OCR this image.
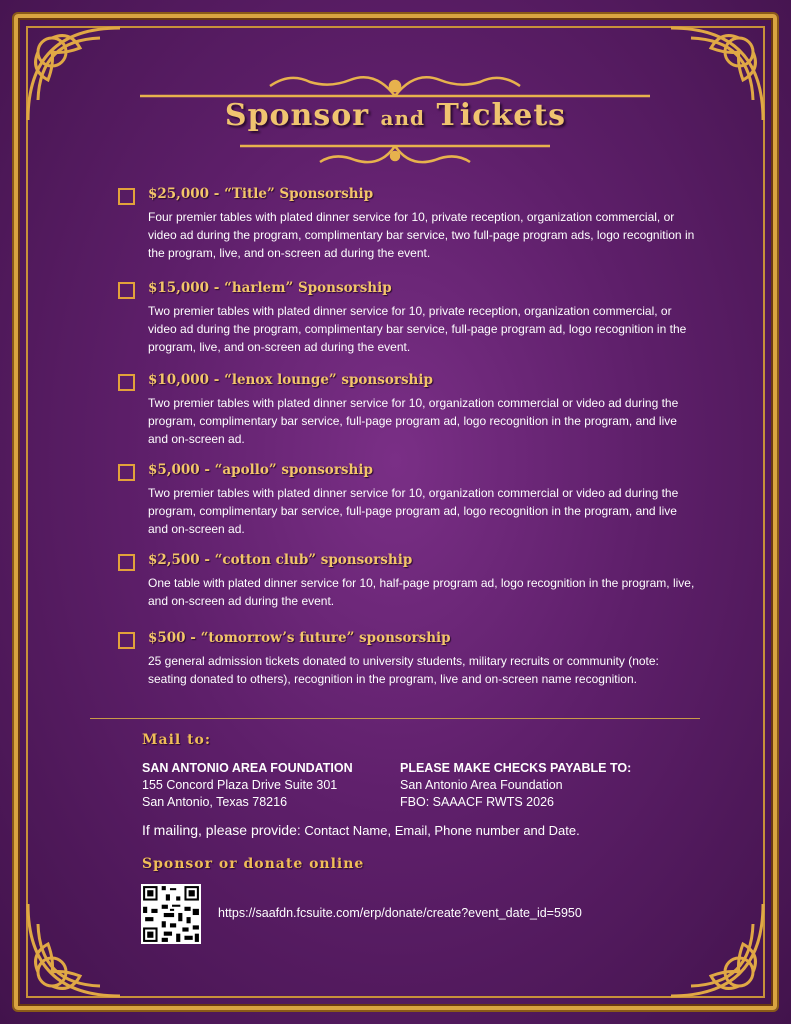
Sponsor and Tickets
$25,000 - “Title” Sponsorship
Four premier tables with plated dinner service for 10, private reception, organization commercial, or video ad during the program, complimentary bar service, two full-page program ads, logo recognition in the program, live, and on-screen ad during the event.
$15,000 - “harlem” Sponsorship
Two premier tables with plated dinner service for 10, private reception, organization commercial, or video ad during the program, complimentary bar service, full-page program ad, logo recognition in the program, live, and on-screen ad during the event.
$10,000 - “lenox lounge” sponsorship
Two premier tables with plated dinner service for 10, organization commercial or video ad during the program, complimentary bar service, full-page program ad, logo recognition in the program, and live and on-screen ad.
$5,000 - “apollo” sponsorship
Two premier tables with plated dinner service for 10, organization commercial or video ad during the program, complimentary bar service, full-page program ad, logo recognition in the program, and live and on-screen ad.
$2,500 - “cotton club” sponsorship
One table with plated dinner service for 10, half-page program ad, logo recognition in the program, live, and on-screen ad during the event.
$500 - “tomorrow’s future” sponsorship
25 general admission tickets donated to university students, military recruits or community (note: seating donated to others), recognition in the program, live and on-screen name recognition.
Mail to:
SAN ANTONIO AREA FOUNDATION
155 Concord Plaza Drive Suite 301
San Antonio, Texas 78216
PLEASE MAKE CHECKS PAYABLE TO:
San Antonio Area Foundation
FBO: SAAACF RWTS 2026
If mailing, please provide: Contact Name, Email, Phone number and Date.
Sponsor or donate online
https://saafdn.fcsuite.com/erp/donate/create?event_date_id=5950
